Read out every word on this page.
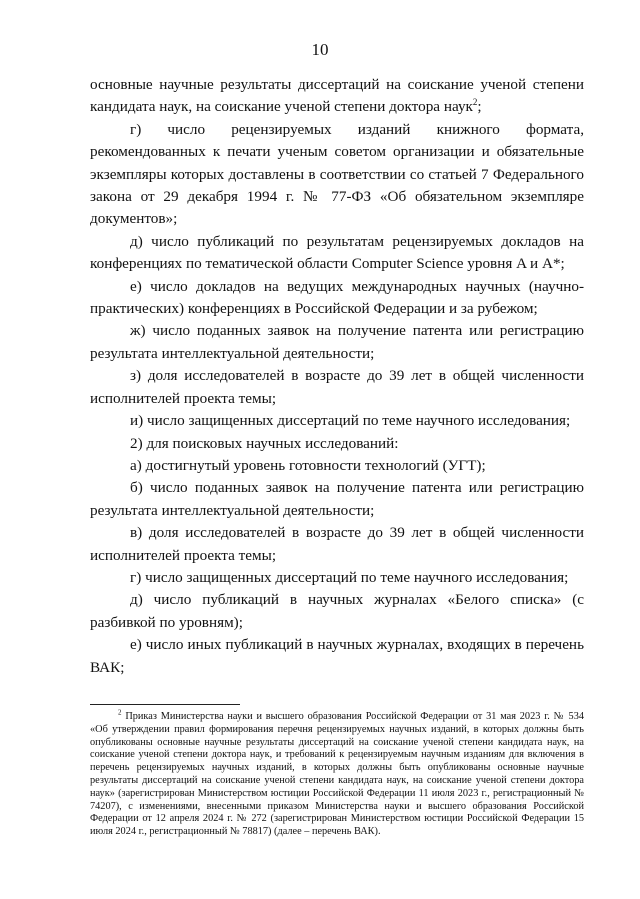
10

основные научные результаты диссертаций на соискание ученой степени кандидата наук, на соискание ученой степени доктора наук$^2$;

г) число рецензируемых изданий книжного формата, рекомендованных к печати ученым советом организации и обязательные экземпляры которых доставлены в соответствии со статьей 7 Федерального закона от 29 декабря 1994 г. № 77-ФЗ «Об обязательном экземпляре документов»;

д) число публикаций по результатам рецензируемых докладов на конференциях по тематической области Computer Science уровня A и A*;

е) число докладов на ведущих международных научных (научно-практических) конференциях в Российской Федерации и за рубежом;

ж) число поданных заявок на получение патента или регистрацию результата интеллектуальной деятельности;

з) доля исследователей в возрасте до 39 лет в общей численности исполнителей проекта темы;

и) число защищенных диссертаций по теме научного исследования;

2) для поисковых научных исследований:

а) достигнутый уровень готовности технологий (УГТ);

б) число поданных заявок на получение патента или регистрацию результата интеллектуальной деятельности;

в) доля исследователей в возрасте до 39 лет в общей численности исполнителей проекта темы;

г) число защищенных диссертаций по теме научного исследования;

д) число публикаций в научных журналах «Белого списка» (с разбивкой по уровням);

е) число иных публикаций в научных журналах, входящих в перечень ВАК;

$^2$ Приказ Министерства науки и высшего образования Российской Федерации от 31 мая 2023 г. № 534 «Об утверждении правил формирования перечня рецензируемых научных изданий, в которых должны быть опубликованы основные научные результаты диссертаций на соискание ученой степени кандидата наук, на соискание ученой степени доктора наук, и требований к рецензируемым научным изданиям для включения в перечень рецензируемых научных изданий, в которых должны быть опубликованы основные научные результаты диссертаций на соискание ученой степени кандидата наук, на соискание ученой степени доктора наук» (зарегистрирован Министерством юстиции Российской Федерации 11 июля 2023 г., регистрационный № 74207), с изменениями, внесенными приказом Министерства науки и высшего образования Российской Федерации от 12 апреля 2024 г. № 272 (зарегистрирован Министерством юстиции Российской Федерации 15 июля 2024 г., регистрационный № 78817) (далее – перечень ВАК).
